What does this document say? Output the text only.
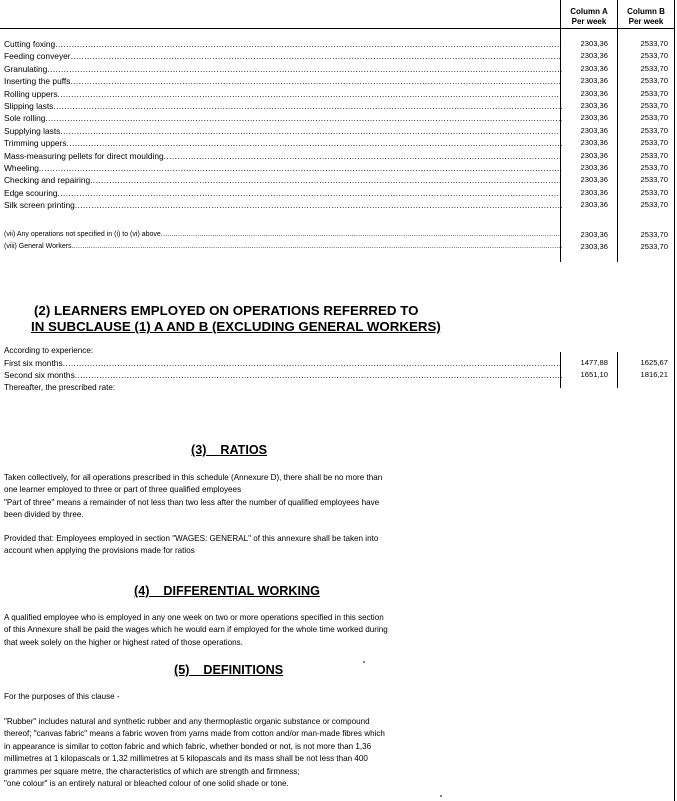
Column A
Per week
Column B
Per week
Cutting foxing .....	2303,36	2533,70
Feeding conveyer .....	2303,36	2533,70
Granulating .....	2303,36	2533,70
Inserting the puffs .....	2303,36	2533,70
Rolling uppers .....	2303,36	2533,70
Slipping lasts .....	2303,36	2533,70
Sole rolling .....	2303,36	2533,70
Supplying lasts .....	2303,36	2533,70
Trimming uppers .....	2303,36	2533,70
Mass-measuring pellets for direct moulding .....	2303,36	2533,70
Wheeling .....	2303,36	2533,70
Checking and repairing .....	2303,36	2533,70
Edge scouring .....	2303,36	2533,70
Silk screen printing .....	2303,36	2533,70
(vii) Any operations not specified in (i) to (vi) above .....	2303,36	2533,70
(viii) General Workers .....	2303,36	2533,70
(2) LEARNERS EMPLOYED ON OPERATIONS REFERRED TO
IN SUBCLAUSE (1) A AND B (EXCLUDING GENERAL WORKERS)
According to experience:
First six months .....	1477,88	1625,67
Second six months .....	1651,10	1816,21
Thereafter, the prescribed rate:
(3) RATIOS
Taken collectively, for all operations prescribed in this schedule (Annexure D), there shall be no more than
one learner employed to three or part of three qualified employees
"Part of three" means a remainder of not less than two less after the number of qualified employees have
been divided by three.
Provided that: Employees employed in section "WAGES: GENERAL" of this annexure shall be taken into
account when applying the provisions made for ratios
(4) DIFFERENTIAL WORKING
A qualified employee who is employed in any one week on two or more operations specified in this section
of this Annexure shall be paid the wages which he would earn if employed for the whole time worked during
that week solely on the higher or highest rated of those operations.
(5) DEFINITIONS
For the purposes of this clause -
"Rubber" includes natural and synthetic rubber and any thermoplastic organic substance or compound
thereof; "canvas fabric" means a fabric woven from yarns made from cotton and/or man-made fibres which
in appearance is similar to cotton fabric and which fabric, whether bonded or not, is not more than 1,36
millimetres at 1 kilopascals or 1,32 millimetres at 5 kilopascals and its mass shall be not less than 400
grammes per square metre, the characteristics of which are strength and firmness;
"one colour" is an entirely natural or bleached colour of one solid shade or tone.
